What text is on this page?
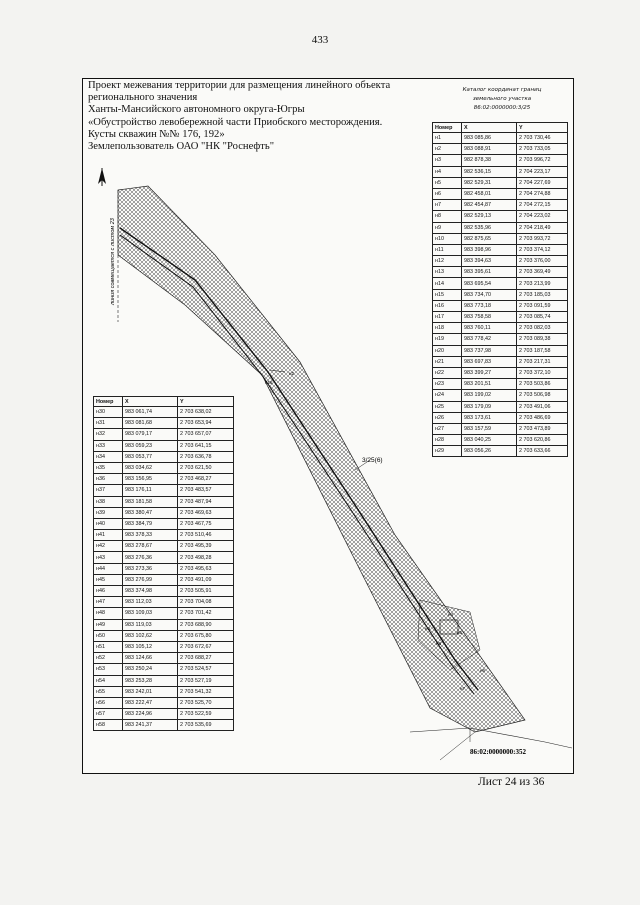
433
линия совмещается с листом 23
3/25(6)
86:02:0000000:352
н2
н18
н4
н5
н9
н8
н6
н7
Проект межевания территории для размещения линейного объекта
регионального значения
Ханты-Мансийского автономного округа-Югры
«Обустройство левобережной части Приобского месторождения.
Кусты скважин №№ 176, 192»
Землепользователь ОАО "НК "Роснефть"
Каталог координат границ
земельного участка
86:02:0000000:3/25
Номер	X	Y
н1	983 085,86	2 703 730,46
н2	983 088,91	2 703 733,05
н3	982 878,38	2 703 996,72
н4	982 536,15	2 704 223,17
н5	982 529,31	2 704 227,69
н6	982 458,01	2 704 274,88
н7	982 454,87	2 704 272,15
н8	982 529,13	2 704 223,02
н9	982 535,96	2 704 218,49
н10	982 875,65	2 703 993,72
н11	983 398,96	2 703 374,12
н12	983 394,63	2 703 376,00
н13	983 395,61	2 703 369,49
н14	983 695,54	2 703 213,99
н15	983 734,70	2 703 185,03
н16	983 773,18	2 703 091,59
н17	983 758,58	2 703 085,74
н18	983 760,11	2 703 082,03
н19	983 778,42	2 703 089,38
н20	983 737,98	2 703 187,58
н21	983 697,83	2 703 217,31
н22	983 399,27	2 703 372,10
н23	983 201,51	2 703 503,86
н24	983 199,02	2 703 506,98
н25	983 179,09	2 703 491,06
н26	983 173,61	2 703 486,69
н27	983 157,59	2 703 473,89
н28	983 040,25	2 703 620,86
н29	983 056,26	2 703 633,66
Номер	X	Y
н30	983 061,74	2 703 638,02
н31	983 081,68	2 703 653,94
н32	983 079,17	2 703 657,07
н33	983 059,23	2 703 641,15
н34	983 053,77	2 703 636,78
н35	983 034,62	2 703 621,50
н36	983 156,95	2 703 468,27
н37	983 176,11	2 703 483,57
н38	983 181,58	2 703 487,94
н39	983 380,47	2 703 469,63
н40	983 384,79	2 703 467,75
н41	983 378,33	2 703 510,46
н42	983 278,67	2 703 495,39
н43	983 276,36	2 703 498,28
н44	983 273,36	2 703 495,63
н45	983 276,99	2 703 491,09
н46	983 374,98	2 703 505,91
н47	983 112,03	2 703 704,08
н48	983 109,03	2 703 701,42
н49	983 119,03	2 703 688,90
н50	983 102,62	2 703 675,80
н51	983 105,12	2 703 672,67
н52	983 124,66	2 703 688,27
н53	983 250,24	2 703 524,57
н54	983 253,28	2 703 527,19
н55	983 242,01	2 703 541,32
н56	983 222,47	2 703 525,70
н57	983 224,96	2 703 522,59
н58	983 241,37	2 703 535,69
Лист 24 из 36
